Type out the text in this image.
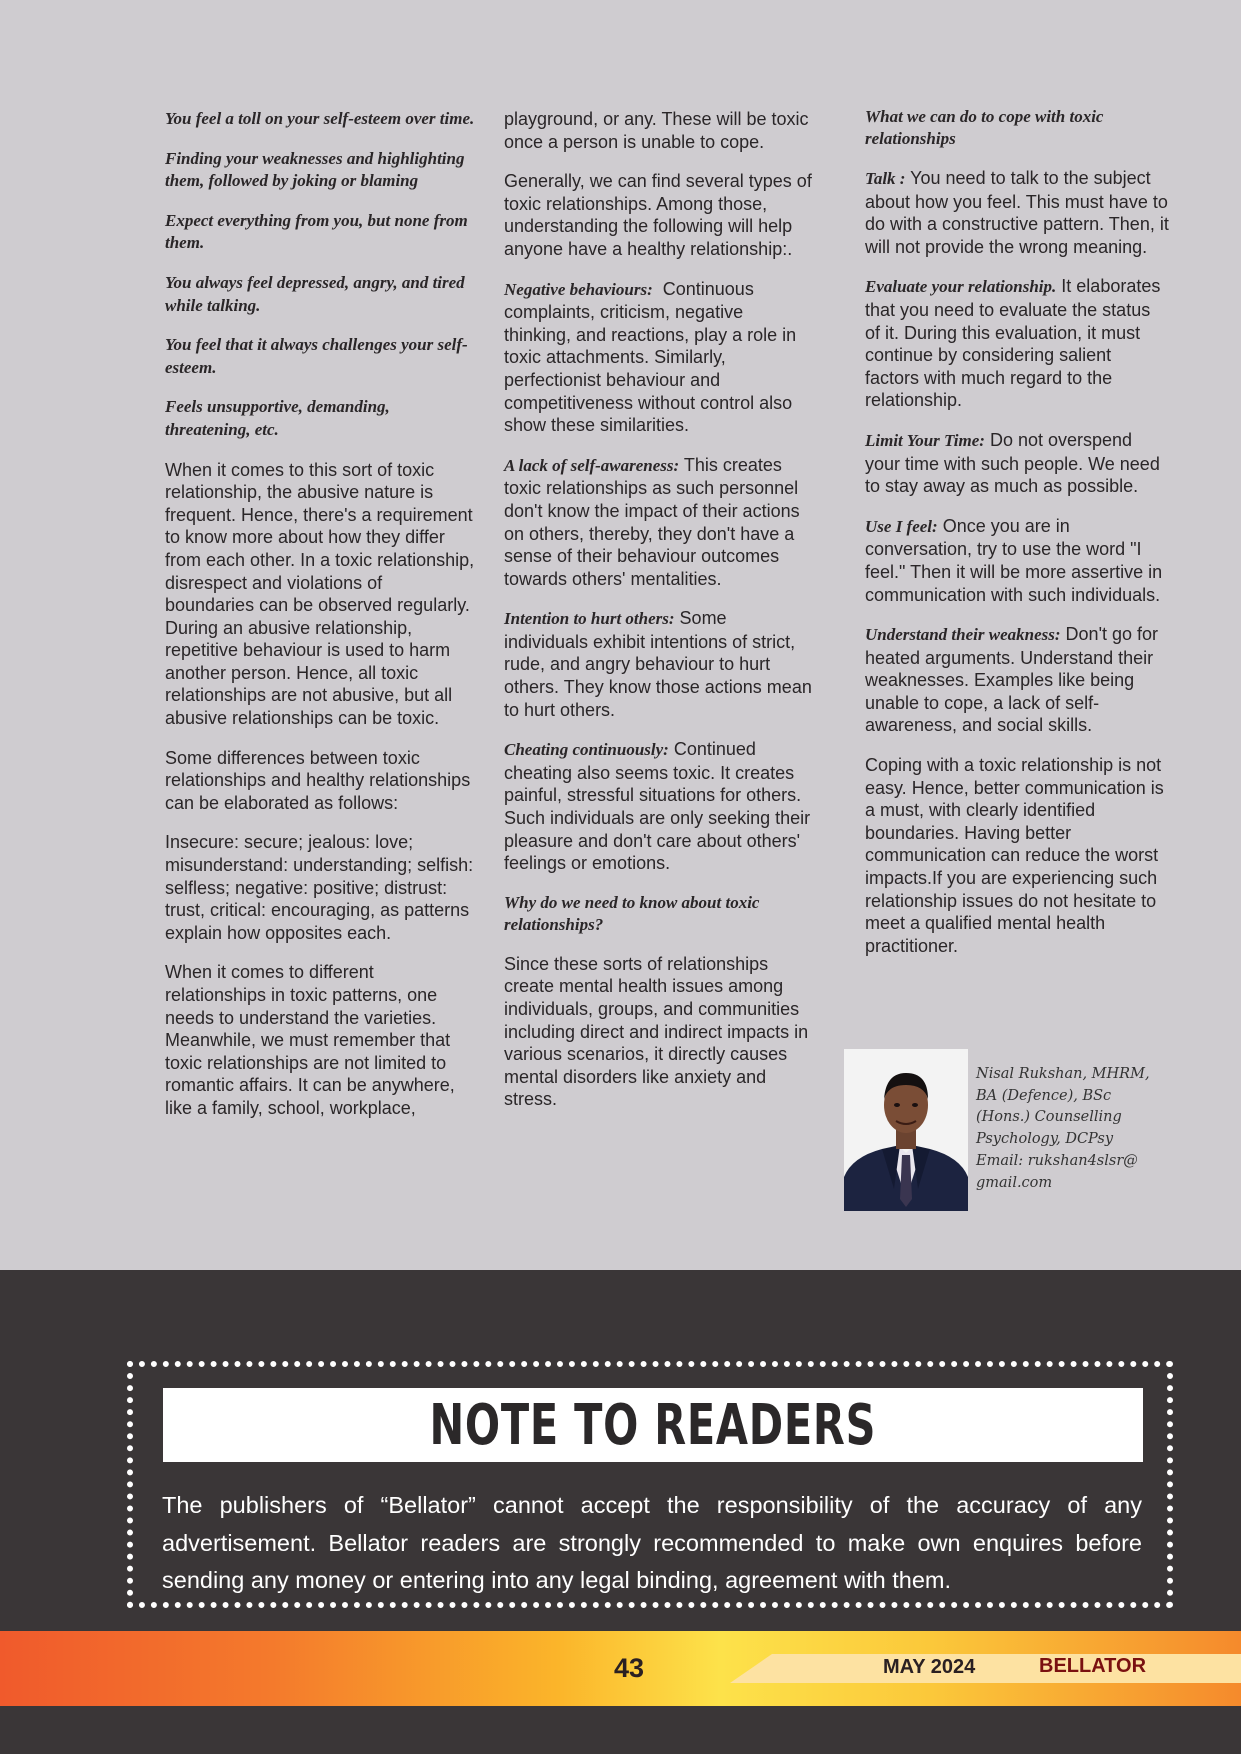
You feel a toll on your self-esteem over time.

Finding your weaknesses and highlighting them, followed by joking or blaming

Expect everything from you, but none from them.

You always feel depressed, angry, and tired while talking.

You feel that it always challenges your self-esteem.

Feels unsupportive, demanding, threatening, etc.

When it comes to this sort of toxic relationship, the abusive nature is frequent. Hence, there's a requirement to know more about how they differ from each other. In a toxic relationship, disrespect and violations of boundaries can be observed regularly. During an abusive relationship, repetitive behaviour is used to harm another person. Hence, all toxic relationships are not abusive, but all abusive relationships can be toxic.

Some differences between toxic relationships and healthy relationships can be elaborated as follows:

Insecure: secure; jealous: love; misunderstand: understanding; selfish: selfless; negative: positive; distrust: trust, critical: encouraging, as patterns explain how opposites each.

When it comes to different relationships in toxic patterns, one needs to understand the varieties. Meanwhile, we must remember that toxic relationships are not limited to romantic affairs. It can be anywhere, like a family, school, workplace,

playground, or any. These will be toxic once a person is unable to cope.

Generally, we can find several types of toxic relationships. Among those, understanding the following will help anyone have a healthy relationship:.

Negative behaviours: Continuous complaints, criticism, negative thinking, and reactions, play a role in toxic attachments. Similarly, perfectionist behaviour and competitiveness without control also show these similarities.

A lack of self-awareness: This creates toxic relationships as such personnel don't know the impact of their actions on others, thereby, they don't have a sense of their behaviour outcomes towards others' mentalities.

Intention to hurt others: Some individuals exhibit intentions of strict, rude, and angry behaviour to hurt others. They know those actions mean to hurt others.

Cheating continuously: Continued cheating also seems toxic. It creates painful, stressful situations for others. Such individuals are only seeking their pleasure and don't care about others' feelings or emotions.

Why do we need to know about toxic relationships?

Since these sorts of relationships create mental health issues among individuals, groups, and communities including direct and indirect impacts in various scenarios, it directly causes mental disorders like anxiety and stress.

What we can do to cope with toxic relationships

Talk : You need to talk to the subject about how you feel. This must have to do with a constructive pattern. Then, it will not provide the wrong meaning.

Evaluate your relationship. It elaborates that you need to evaluate the status of it. During this evaluation, it must continue by considering salient factors with much regard to the relationship.

Limit Your Time: Do not overspend your time with such people. We need to stay away as much as possible.

Use I feel: Once you are in conversation, try to use the word "I feel." Then it will be more assertive in communication with such individuals.

Understand their weakness: Don't go for heated arguments. Understand their weaknesses. Examples like being unable to cope, a lack of self-awareness, and social skills.

Coping with a toxic relationship is not easy. Hence, better communication is a must, with clearly identified boundaries. Having better communication can reduce the worst impacts.If you are experiencing such relationship issues do not hesitate to meet a qualified mental health practitioner.

Nisal Rukshan, MHRM,
BA (Defence), BSc
(Hons.) Counselling
Psychology, DCPsy
Email: rukshan4slsr@
gmail.com
NOTE TO READERS
The publishers of “Bellator” cannot accept the responsibility of the accuracy of any advertisement. Bellator readers are strongly recommended to make own enquires before sending any money or entering into any legal binding, agreement with them.
43	MAY 2024	BELLATOR
